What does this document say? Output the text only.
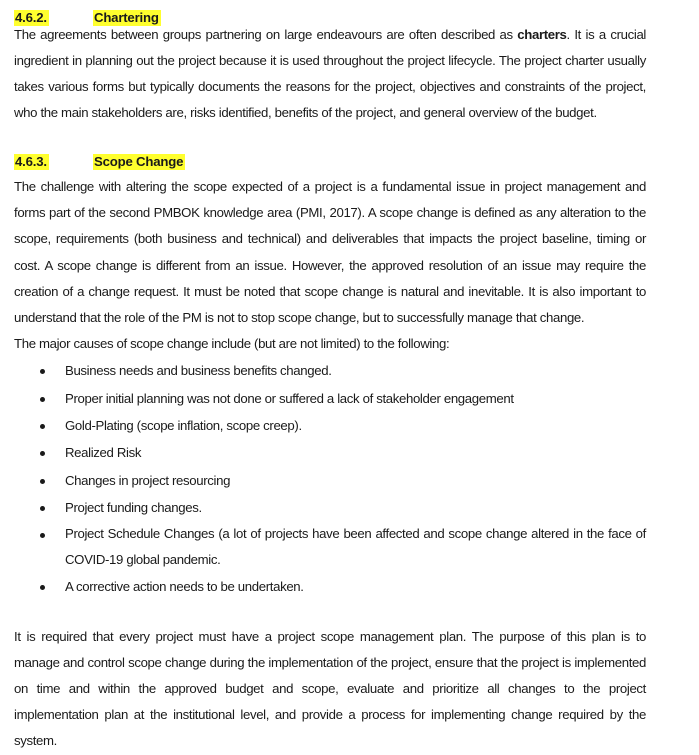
4.6.2.	Chartering

The agreements between groups partnering on large endeavours are often described as charters. It is a crucial ingredient in planning out the project because it is used throughout the project lifecycle. The project charter usually takes various forms but typically documents the reasons for the project, objectives and constraints of the project, who the main stakeholders are, risks identified, benefits of the project, and general overview of the budget.

4.6.3.	Scope Change

The challenge with altering the scope expected of a project is a fundamental issue in project management and forms part of the second PMBOK knowledge area (PMI, 2017). A scope change is defined as any alteration to the scope, requirements (both business and technical) and deliverables that impacts the project baseline, timing or cost. A scope change is different from an issue. However, the approved resolution of an issue may require the creation of a change request. It must be noted that scope change is natural and inevitable. It is also important to understand that the role of the PM is not to stop scope change, but to successfully manage that change.

The major causes of scope change include (but are not limited) to the following:

Business needs and business benefits changed.
Proper initial planning was not done or suffered a lack of stakeholder engagement
Gold-Plating (scope inflation, scope creep).
Realized Risk
Changes in project resourcing
Project funding changes.
Project Schedule Changes (a lot of projects have been affected and scope change altered in the face of COVID-19 global pandemic.
A corrective action needs to be undertaken.

It is required that every project must have a project scope management plan. The purpose of this plan is to manage and control scope change during the implementation of the project, ensure that the project is implemented on time and within the approved budget and scope, evaluate and prioritize all changes to the project implementation plan at the institutional level, and provide a process for implementing change required by the system.
